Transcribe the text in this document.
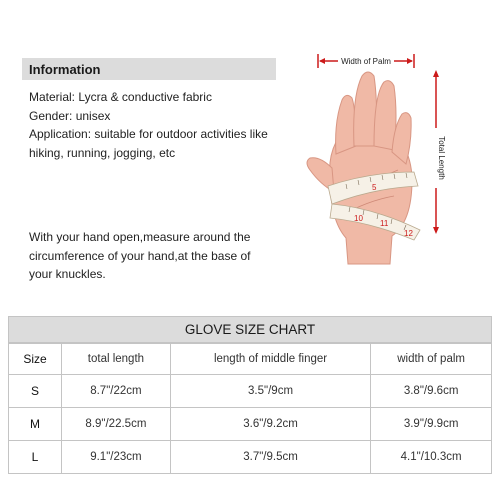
Information
Material: Lycra & conductive fabric
Gender: unisex
Application: suitable for outdoor activities like
hiking, running, jogging, etc
With your hand open,measure around the
circumference of your hand,at the base of
your knuckles.
Width of Palm
Total Length
5
10
11
12
GLOVE SIZE CHART
Size	total length	length of middle finger	width of palm
S	8.7"/22cm	3.5"/9cm	3.8"/9.6cm
M	8.9"/22.5cm	3.6"/9.2cm	3.9"/9.9cm
L	9.1"/23cm	3.7"/9.5cm	4.1"/10.3cm
